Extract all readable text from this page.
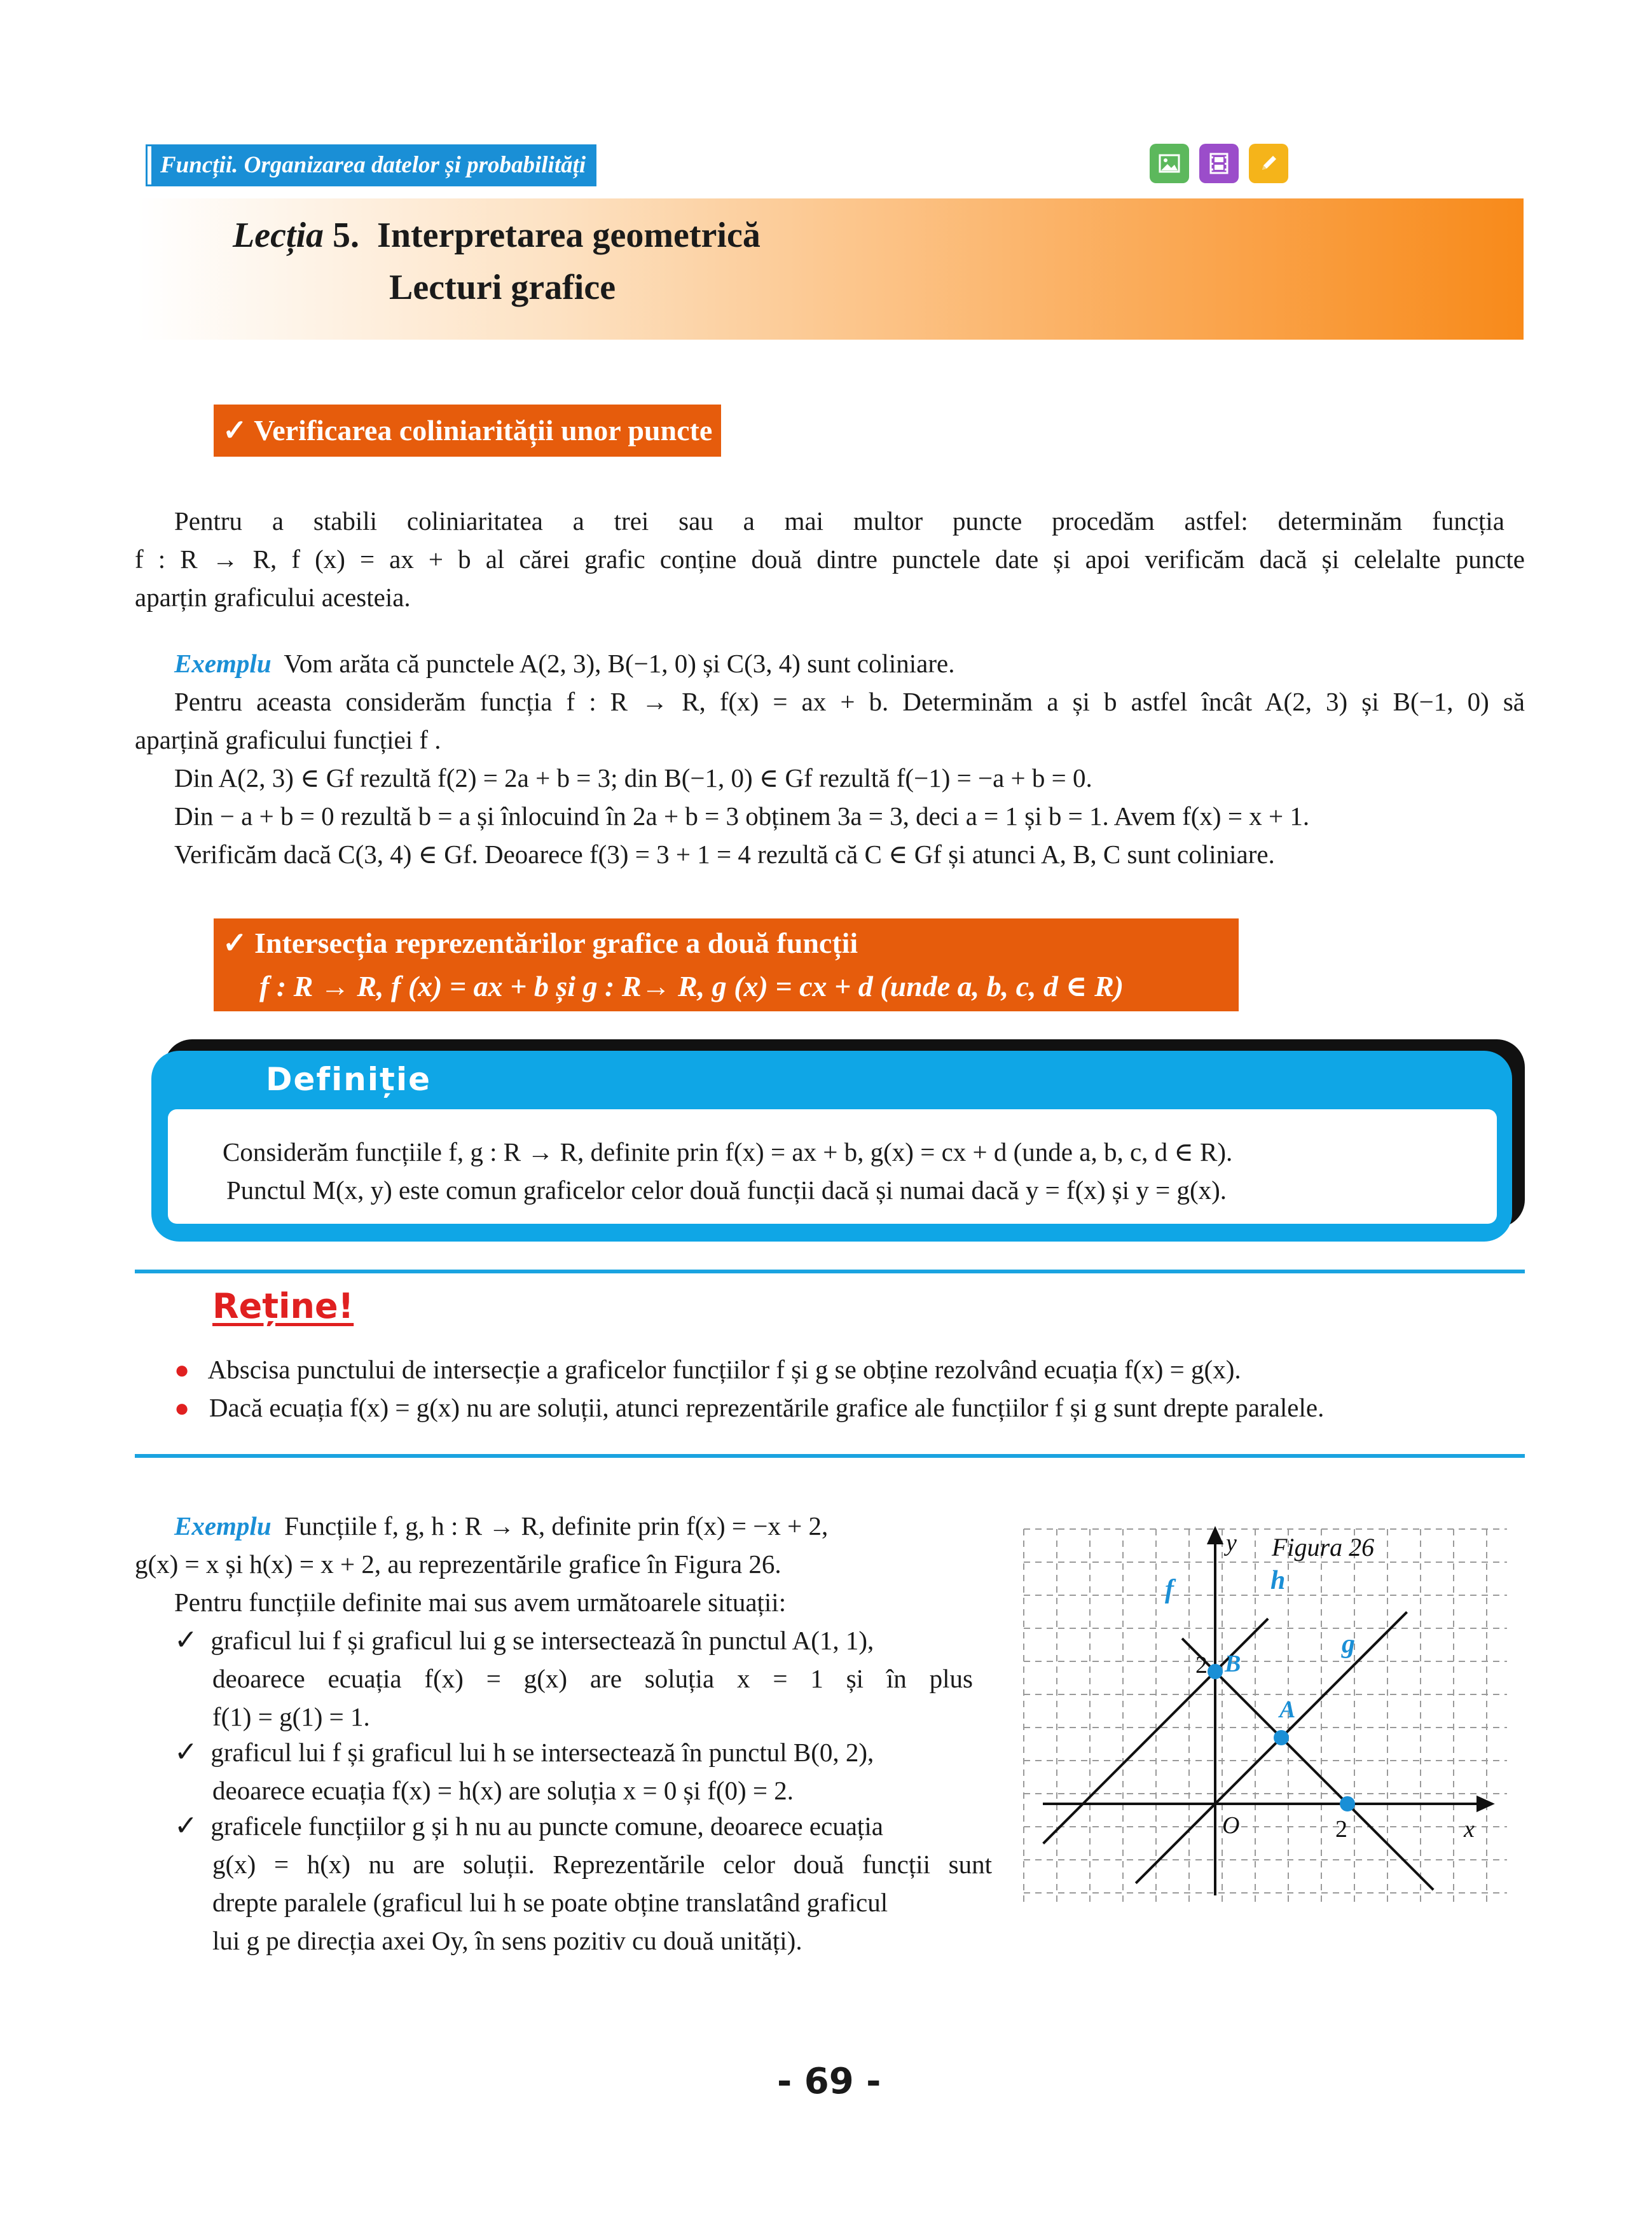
Funcții. Organizarea datelor și probabilități
Lecția 5. Interpretarea geometrică
Lecturi grafice
✓ Verificarea coliniarității unor puncte
Pentru a stabili coliniaritatea a trei sau a mai multor puncte procedăm astfel: determinăm funcția
f : R → R, f (x) = ax + b al cărei grafic conține două dintre punctele date și apoi verificăm dacă și celelalte puncte
aparțin graficului acesteia.
Exemplu Vom arăta că punctele A(2, 3), B(−1, 0) și C(3, 4) sunt coliniare.
Pentru aceasta considerăm funcția f : R → R, f(x) = ax + b. Determinăm a și b astfel încât A(2, 3) și B(−1, 0) să
aparțină graficului funcției f .
Din A(2, 3) ∈ Gf rezultă f(2) = 2a + b = 3; din B(−1, 0) ∈ Gf rezultă f(−1) = −a + b = 0.
Din − a + b = 0 rezultă b = a și înlocuind în 2a + b = 3 obținem 3a = 3, deci a = 1 și b = 1. Avem f(x) = x + 1.
Verificăm dacă C(3, 4) ∈ Gf. Deoarece f(3) = 3 + 1 = 4 rezultă că C ∈ Gf și atunci A, B, C sunt coliniare.
✓ Intersecția reprezentărilor grafice a două funcții
f : R → R, f (x) = ax + b și g : R→ R, g (x) = cx + d (unde a, b, c, d ∈ R)
Definiție
Considerăm funcțiile f, g : R → R, definite prin f(x) = ax + b, g(x) = cx + d (unde a, b, c, d ∈ R).
Punctul M(x, y) este comun graficelor celor două funcții dacă și numai dacă y = f(x) și y = g(x).
Reține!
● Abscisa punctului de intersecție a graficelor funcțiilor f și g se obține rezolvând ecuația f(x) = g(x).
● Dacă ecuația f(x) = g(x) nu are soluții, atunci reprezentările grafice ale funcțiilor f și g sunt drepte paralele.
Exemplu Funcțiile f, g, h : R → R, definite prin f(x) = −x + 2,
g(x) = x și h(x) = x + 2, au reprezentările grafice în Figura 26.
Pentru funcțiile definite mai sus avem următoarele situații:
✓ graficul lui f și graficul lui g se intersectează în punctul A(1, 1),
deoarece ecuația f(x) = g(x) are soluția x = 1 și în plus
f(1) = g(1) = 1.
✓ graficul lui f și graficul lui h se intersectează în punctul B(0, 2),
deoarece ecuația f(x) = h(x) are soluția x = 0 și f(0) = 2.
✓ graficele funcțiilor g și h nu au puncte comune, deoarece ecuația
g(x) = h(x) nu are soluții. Reprezentările celor două funcții sunt
drepte paralele (graficul lui h se poate obține translatând graficul
lui g pe direcția axei Oy, în sens pozitiv cu două unități).
Figura 26
y
x
O	2
2
f	h
g
A
B
- 69 -
